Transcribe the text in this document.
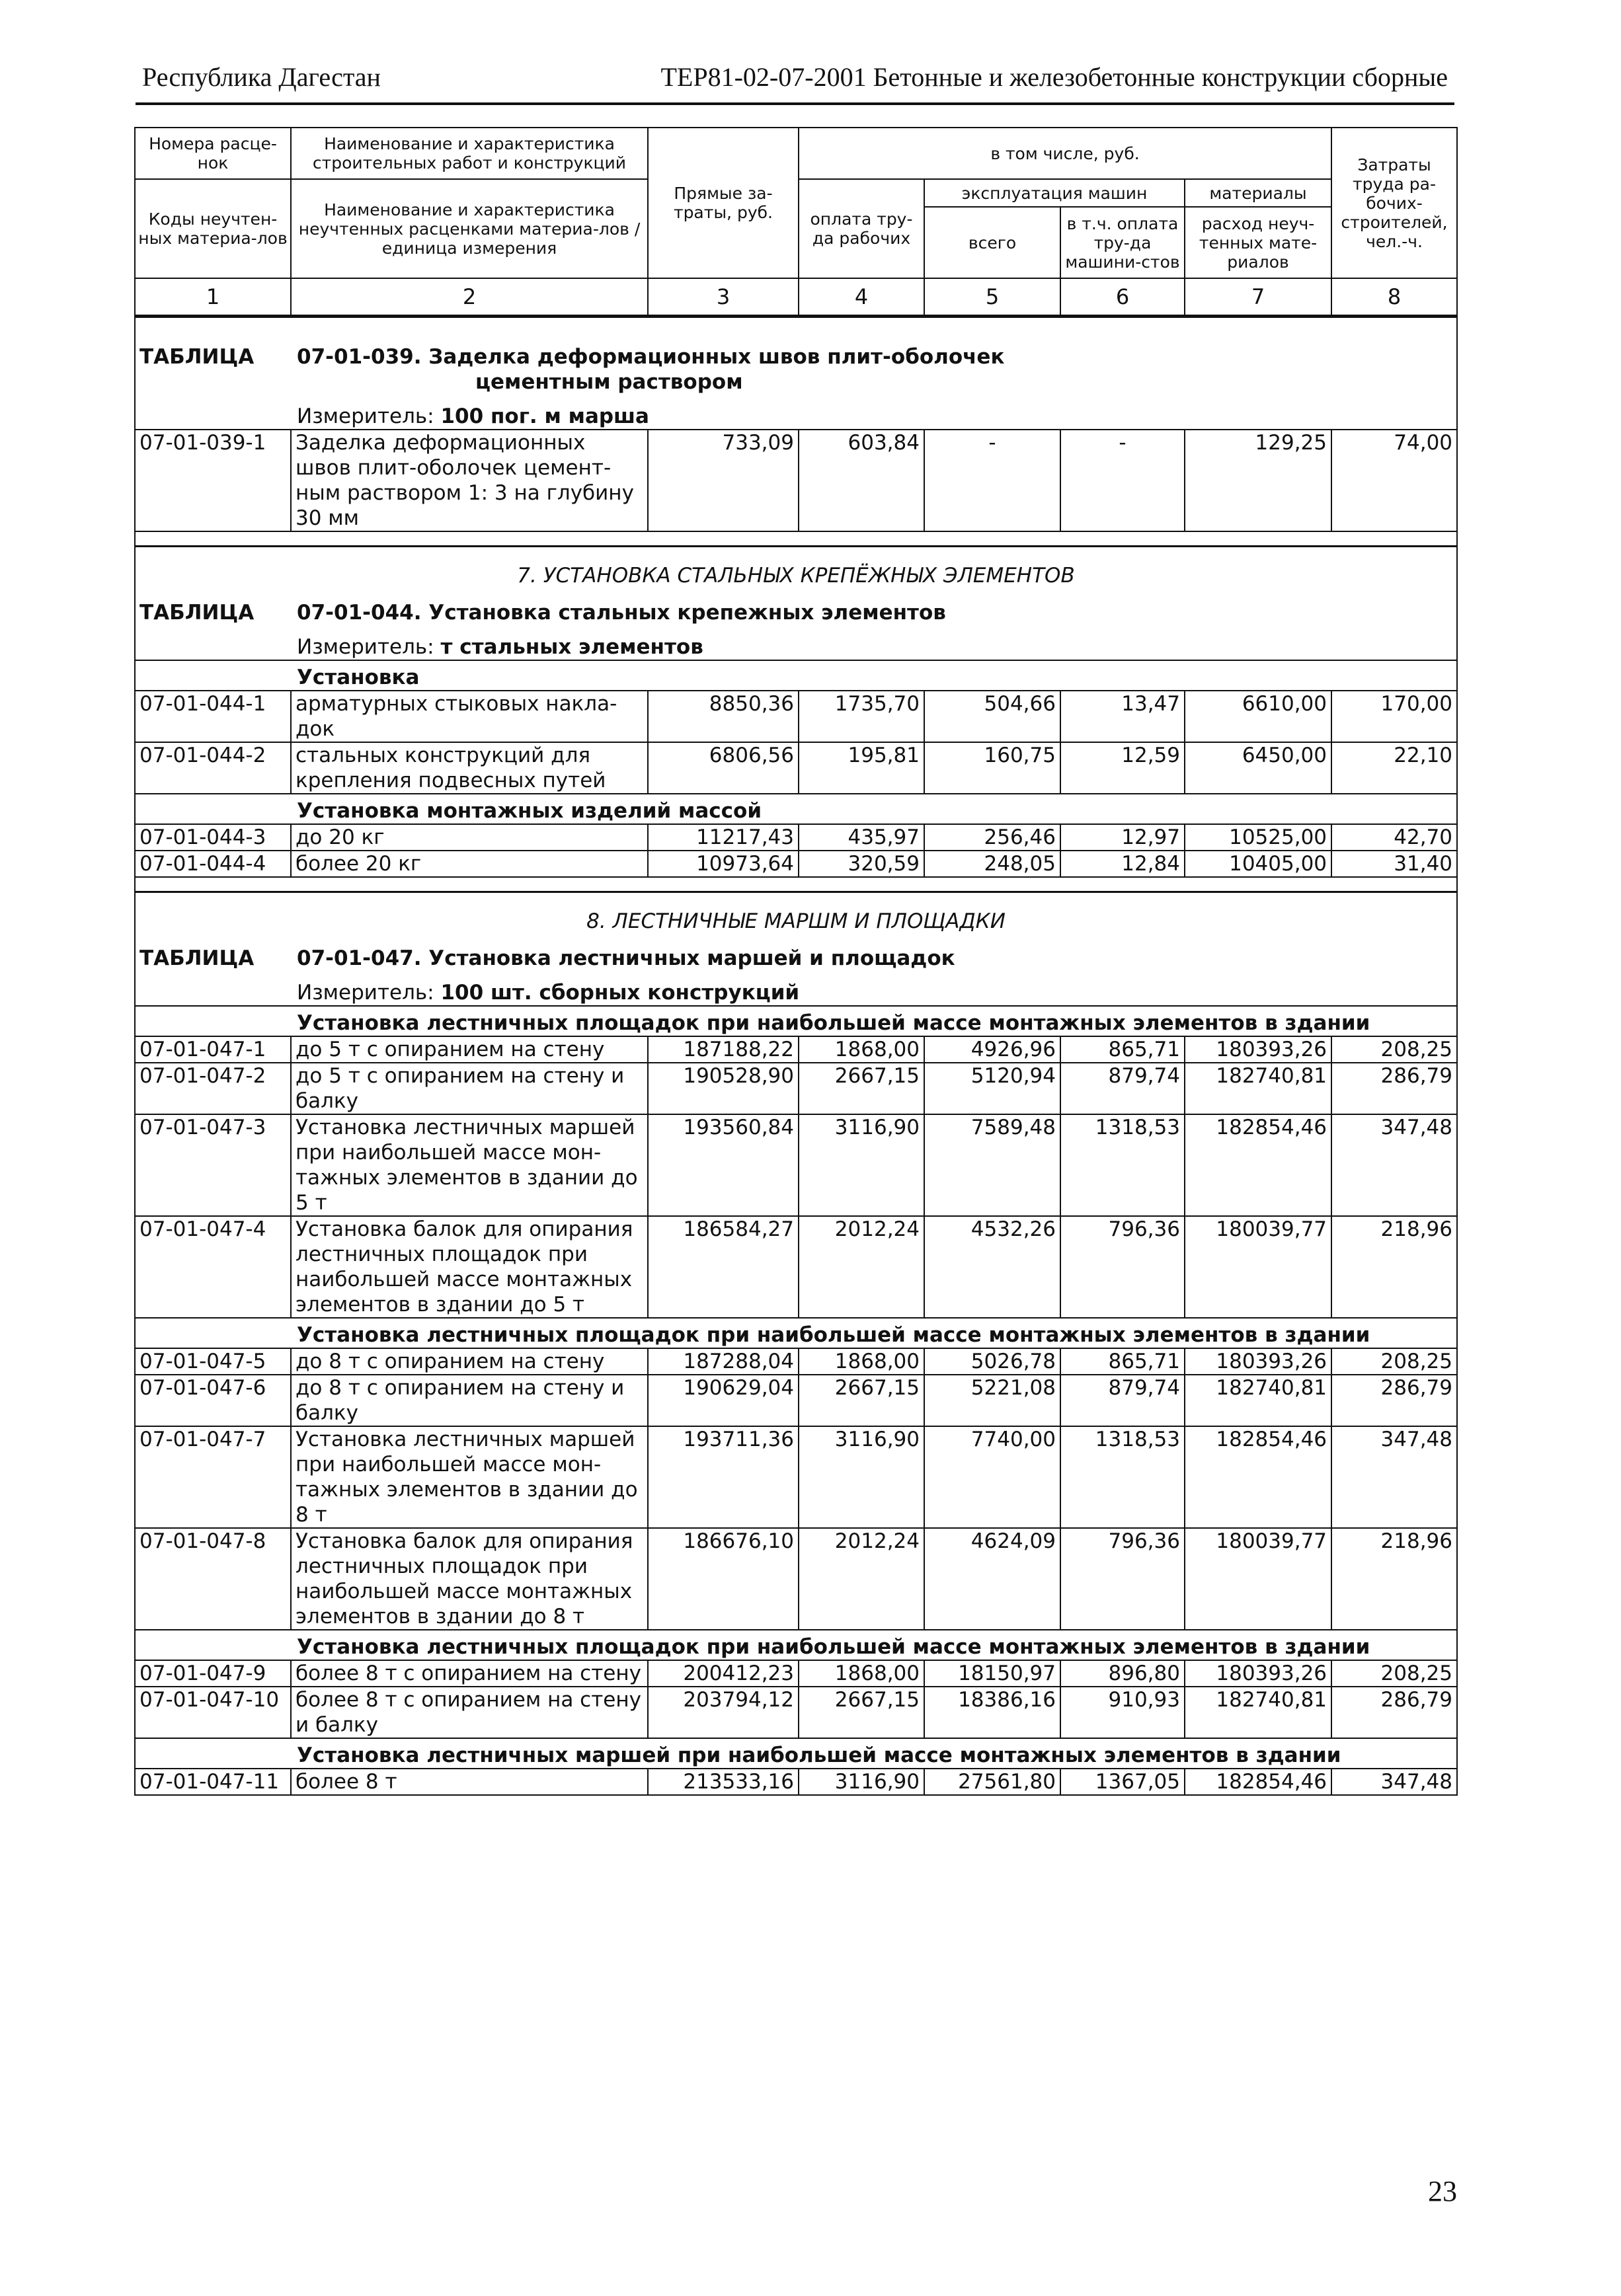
Республика Дагестан	ТЕР81-02-07-2001 Бетонные и железобетонные конструкции сборные
Номера расце-нок	Наименование и характеристика строительных работ и конструкций	Прямые за-траты, руб.	в том числе, руб.				Затраты труда ра-бочих-строителей, чел.-ч.
Коды неучтен-ных материа-лов	Наименование и характеристика неучтенных расценками материа-лов / единица измерения		оплата тру-да рабочих	эксплуатация машин		материалы	
				всего	в т.ч. оплата тру-да машини-стов	расход неуч-тенных мате-риалов	
1	2	3	4	5	6	7	8
ТАБЛИЦА 07-01-039. Заделка деформационных швов плит-оболочек
цементным раствором							

Измеритель: 100 пог. м марша							

07-01-039-1	Заделка деформационных швов плит-оболочек цемент-ным раствором 1: 3 на глубину 30 мм	733,09	603,84	-	-	129,25	74,00

7. УСТАНОВКА СТАЛЬНЫХ КРЕПЁЖНЫХ ЭЛЕМЕНТОВ							
ТАБЛИЦА 07-01-044. Установка стальных крепежных элементов							

Измеритель: т стальных элементов							

Установка							

07-01-044-1	арматурных стыковых накла-док	8850,36	1735,70	504,66	13,47	6610,00	170,00
07-01-044-2	стальных конструкций для крепления подвесных путей	6806,56	195,81	160,75	12,59	6450,00	22,10

Установка монтажных изделий массой							

07-01-044-3	до 20 кг	11217,43	435,97	256,46	12,97	10525,00	42,70
07-01-044-4	более 20 кг	10973,64	320,59	248,05	12,84	10405,00	31,40

8. ЛЕСТНИЧНЫЕ МАРШМ И ПЛОЩАДКИ							
ТАБЛИЦА 07-01-047. Установка лестничных маршей и площадок							

Измеритель: 100 шт. сборных конструкций							

Установка лестничных площадок при наибольшей массе монтажных элементов в здании							

07-01-047-1	до 5 т с опиранием на стену	187188,22	1868,00	4926,96	865,71	180393,26	208,25
07-01-047-2	до 5 т с опиранием на стену и балку	190528,90	2667,15	5120,94	879,74	182740,81	286,79
07-01-047-3	Установка лестничных маршей при наибольшей массе мон-тажных элементов в здании до 5 т	193560,84	3116,90	7589,48	1318,53	182854,46	347,48
07-01-047-4	Установка балок для опирания лестничных площадок при наибольшей массе монтажных элементов в здании до 5 т	186584,27	2012,24	4532,26	796,36	180039,77	218,96

Установка лестничных площадок при наибольшей массе монтажных элементов в здании							

07-01-047-5	до 8 т с опиранием на стену	187288,04	1868,00	5026,78	865,71	180393,26	208,25
07-01-047-6	до 8 т с опиранием на стену и балку	190629,04	2667,15	5221,08	879,74	182740,81	286,79
07-01-047-7	Установка лестничных маршей при наибольшей массе мон-тажных элементов в здании до 8 т	193711,36	3116,90	7740,00	1318,53	182854,46	347,48
07-01-047-8	Установка балок для опирания лестничных площадок при наибольшей массе монтажных элементов в здании до 8 т	186676,10	2012,24	4624,09	796,36	180039,77	218,96

Установка лестничных площадок при наибольшей массе монтажных элементов в здании							

07-01-047-9	более 8 т с опиранием на стену	200412,23	1868,00	18150,97	896,80	180393,26	208,25
07-01-047-10	более 8 т с опиранием на стену и балку	203794,12	2667,15	18386,16	910,93	182740,81	286,79

Установка лестничных маршей при наибольшей массе монтажных элементов в здании							

07-01-047-11	более 8 т	213533,16	3116,90	27561,80	1367,05	182854,46	347,48
23
